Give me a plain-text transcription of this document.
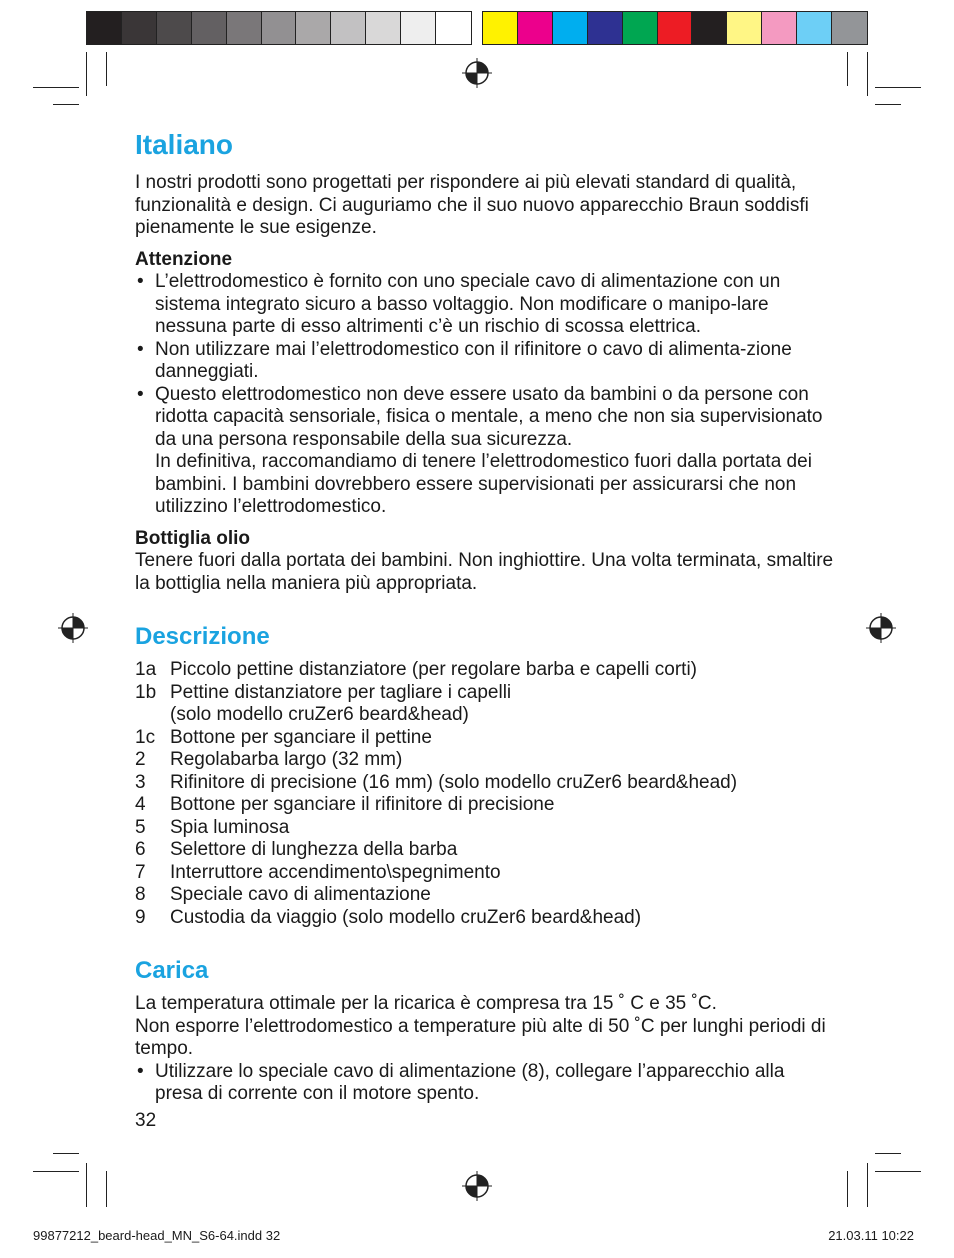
Italiano

I nostri prodotti sono progettati per rispondere ai più elevati standard di qualità, funzionalità e design. Ci auguriamo che il suo nuovo apparecchio Braun soddisfi pienamente le sue esigenze.

Attenzione

• L’elettrodomestico è fornito con uno speciale cavo di alimentazione con un sistema integrato sicuro a basso voltaggio. Non modificare o manipo-lare nessuna parte di esso altrimenti c’è un rischio di scossa elettrica.
• Non utilizzare mai l’elettrodomestico con il rifinitore o cavo di alimenta-zione danneggiati.
• Questo elettrodomestico non deve essere usato da bambini o da persone con ridotta capacità sensoriale, fisica o mentale, a meno che non sia supervisionato da una persona responsabile della sua sicurezza.
In definitiva, raccomandiamo di tenere l’elettrodomestico fuori dalla portata dei bambini. I bambini dovrebbero essere supervisionati per assicurarsi che non utilizzino l’elettrodomestico.

Bottiglia olio

Tenere fuori dalla portata dei bambini. Non inghiottire. Una volta terminata, smaltire la bottiglia nella maniera più appropriata.

Descrizione
1a Piccolo pettine distanziatore (per regolare barba e capelli corti)
1b Pettine distanziatore per tagliare i capelli
(solo modello cruZer6 beard&head)
1c Bottone per sganciare il pettine
2	Regolabarba largo (32 mm)
3	Rifinitore di precisione (16 mm) (solo modello cruZer6 beard&head)
4	Bottone per sganciare il rifinitore di precisione
5	Spia luminosa
6	Selettore di lunghezza della barba
7	Interruttore accendimento\spegnimento
8	Speciale cavo di alimentazione
9	Custodia da viaggio (solo modello cruZer6 beard&head)
Carica

La temperatura ottimale per la ricarica è compresa tra 15 ˚ C e 35 ˚C.

Non esporre l’elettrodomestico a temperature più alte di 50 ˚C per lunghi periodi di tempo.

• Utilizzare lo speciale cavo di alimentazione (8), collegare l’apparecchio alla presa di corrente con il motore spento.
32
99877212_beard-head_MN_S6-64.indd 32	21.03.11 10:22
